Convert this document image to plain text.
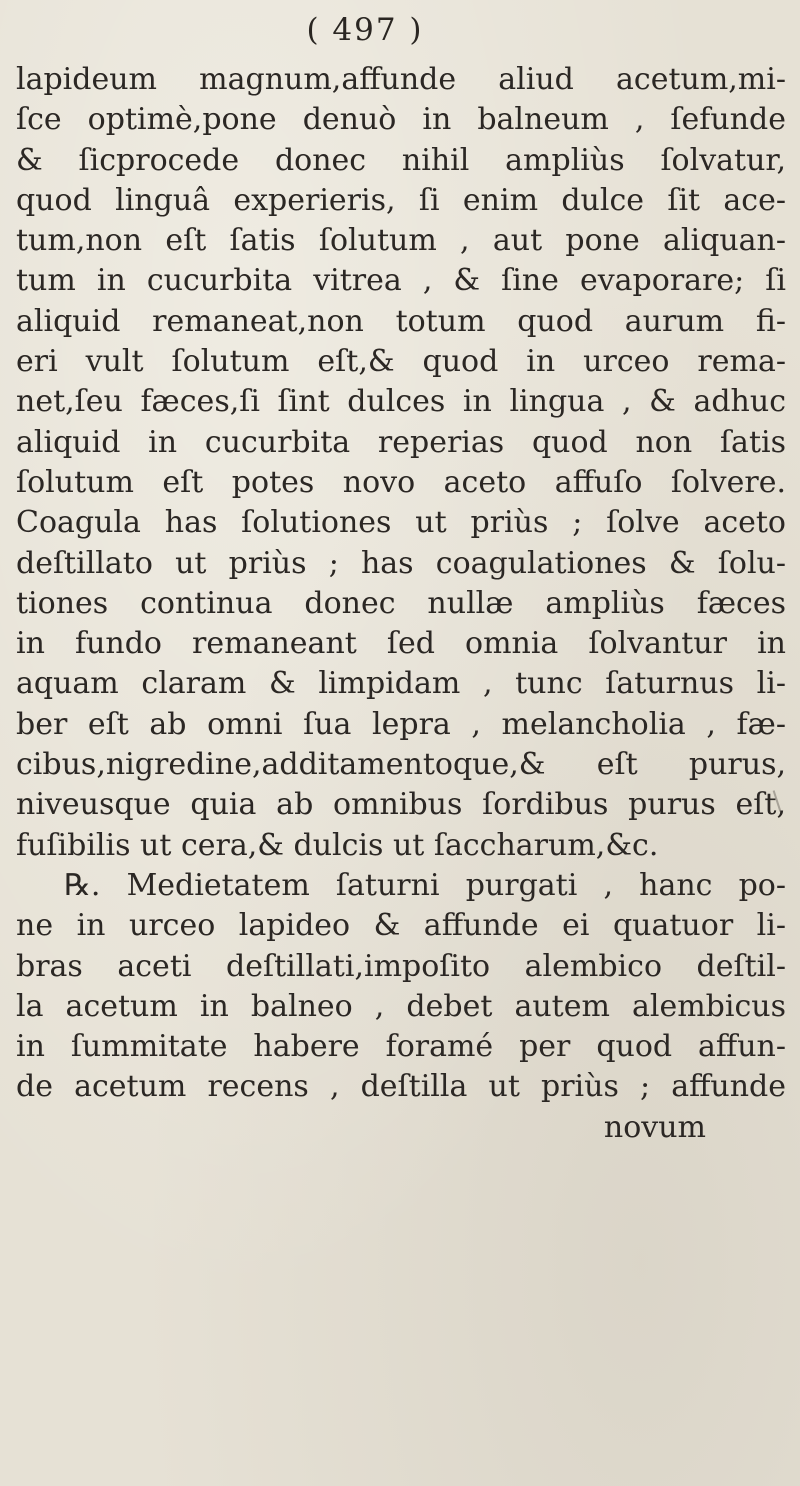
( 497 )
lapideum magnum,affunde aliud acetum,mi-
ſce optimè,pone denuò in balneum , ſefunde
& ſicprocede donec nihil ampliùs ſolvatur,
quod linguâ experieris, ſi enim dulce ſit ace-
tum,non eſt ſatis ſolutum , aut pone aliquan-
tum in cucurbita vitrea , & ſine evaporare; ſi
aliquid remaneat,non totum quod aurum fi-
eri vult ſolutum eſt,& quod in urceo rema-
net,ſeu fæces,ſi ſint dulces in lingua , & adhuc
aliquid in cucurbita reperias quod non ſatis
ſolutum eſt potes novo aceto affuſo ſolvere.
Coagula has ſolutiones ut priùs ; ſolve aceto
deſtillato ut priùs ; has coagulationes & ſolu-
tiones continua donec nullæ ampliùs fæces
in fundo remaneant ſed omnia ſolvantur in
aquam claram & limpidam , tunc ſaturnus li-
ber eſt ab omni ſua lepra , melancholia , fæ-
cibus,nigredine,additamentoque,& eſt purus,
niveusque quia ab omnibus ſordibus purus eſt,
fuſibilis ut cera,& dulcis ut ſaccharum,&c.
℞. Medietatem ſaturni purgati , hanc po-
ne in urceo lapideo & affunde ei quatuor li-
bras aceti deſtillati,impoſito alembico deſtil-
la acetum in balneo , debet autem alembicus
in ſummitate habere foramé per quod affun-
de acetum recens , deſtilla ut priùs ; affunde
novum
